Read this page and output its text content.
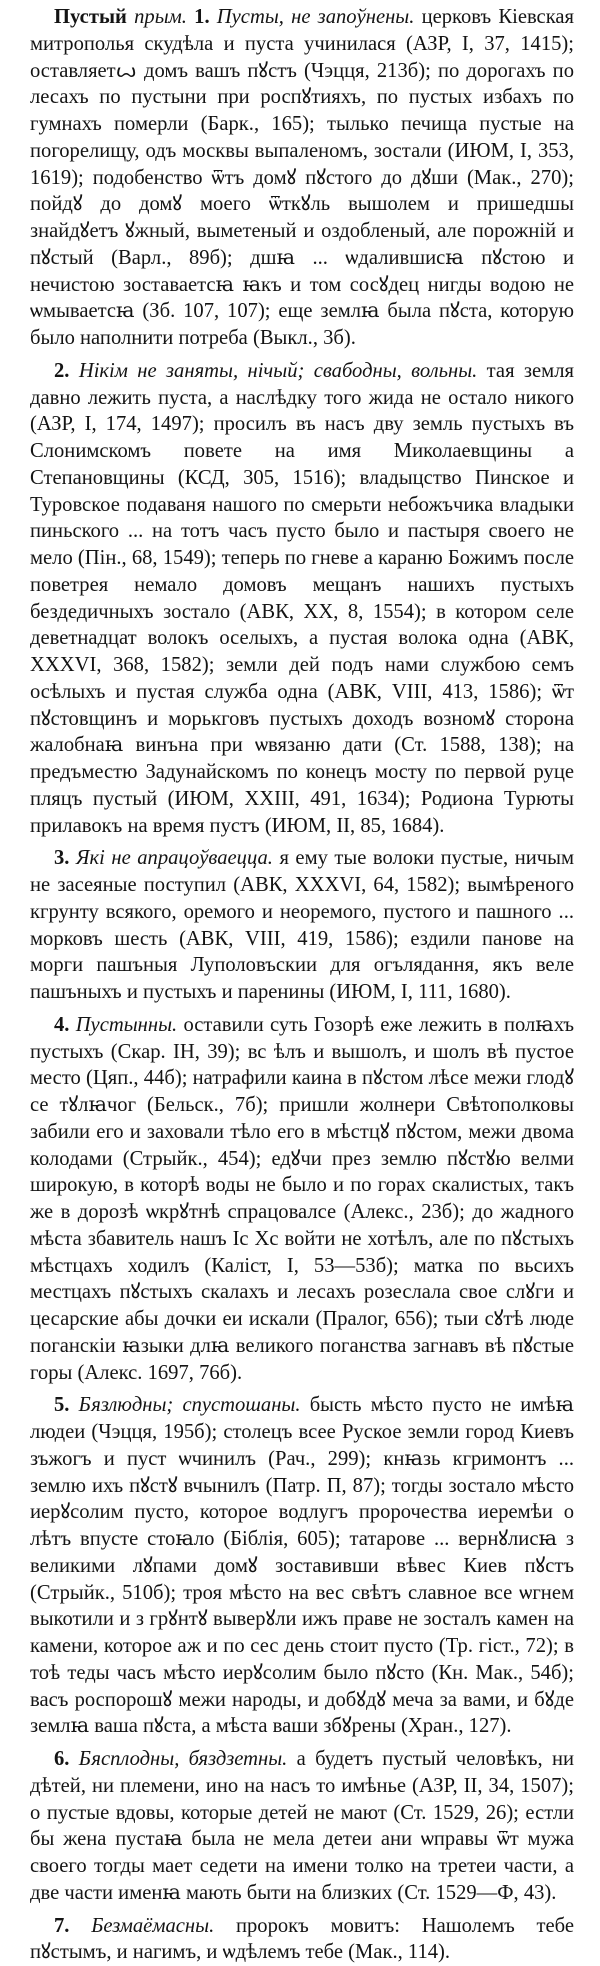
Пустый прым. 1. Пусты, не запоўнены. церковъ Кіевская митрополья скудѣла и пуста учинилася (АЗР, I, 37, 1415); оставляетꙍ домъ вашъ пꙋстъ (Чэцця, 213б); по дорогахъ по лесахъ по пустыни при роспꙋтияхъ, по пустых избахъ по гумнахъ померли (Барк., 165); тылько печища пустые на погорелищу, одъ москвы выпаленомъ, зостали (ИЮМ, I, 353, 1619); подобенство ѿтъ домꙋ пꙋстого до дꙋши (Мак., 270); пойдꙋ до домꙋ моего ѿткꙋль вышолем и пришедшы знайдꙋетъ ꙋжный, выметеный и оздобленый, але порожній и пꙋстый (Варл., 89б); дшꙗ ... ѡдалившисꙗ пꙋстою и нечистою зоставаетсꙗ ꙗкъ и том сосꙋдец нигды водою не ѡмываетсꙗ (Зб. 107, 107); еще землꙗ была пꙋста, которую было наполнити потреба (Выкл., 3б).

2. Нікім не заняты, нічый; свабодны, вольны. тая земля давно лежить пуста, а наслѣдку того жида не остало никого (АЗР, I, 174, 1497); просилъ въ насъ дву земль пустыхъ въ Слонимскомъ повете на имя Миколаевщины а Степановщины (КСД, 305, 1516); владыцство Пинское и Туровское подаваня нашого по смерьти небожъчика владыки пиньского ... на тотъ часъ пусто было и пастыря своего не мело (Пін., 68, 1549); теперь по гневе а караню Божимъ после поветрея немало домовъ мещанъ нашихъ пустыхъ бездедичныхъ зостало (АВК, XX, 8, 1554); в котором селе деветнадцат волокъ оселыхъ, а пустая волока одна (АВК, XXXVI, 368, 1582); земли дей подъ нами службою семъ осѣлыхъ и пустая служба одна (АВК, VIII, 413, 1586); ѿт пꙋстовщинъ и морькговъ пустыхъ доходъ возномꙋ сторона жалобнаꙗ винъна при ѡвязаню дати (Ст. 1588, 138); на предъместю Задунайскомъ по конецъ мосту по первой руце пляцъ пустый (ИЮМ, XXIII, 491, 1634); Родиона Турюты прилавокъ на время пустъ (ИЮМ, II, 85, 1684).

3. Які не апрацоўваецца. я ему тые волоки пустые, ничым не засеяные поступил (АВК, XXXVI, 64, 1582); вымѣреного кгрунту всякого, оремого и неоремого, пустого и пашного ... морковъ шесть (АВК, VIII, 419, 1586); ездили панове на морги пашъныя Луполовъскии для огълядання, якъ веле пашъныхъ и пустыхъ и паренины (ИЮМ, I, 111, 1680).

4. Пустынны. оставили суть Гозорѣ еже лежить в полꙗхъ пустыхъ (Скар. IН, 39); вс ѣлъ и вышолъ, и шолъ вѣ пустое место (Цяп., 44б); натрафили каина в пꙋстом лѣсе межи глодꙋ се тꙋлꙗчог (Бельск., 7б); пришли жолнери Свѣтополковы забили его и заховали тѣло его в мѣстцꙋ пꙋстом, межи двома колодами (Стрыйк., 454); едꙋчи през землю пꙋстꙋю велми широкую, в которѣ воды не было и по горах скалистых, такъ же в дорозѣ ѡкрꙋтнѣ спрацовалсе (Алекс., 23б); до жадного мѣста збавитель нашъ Іс Хс войти не хотѣлъ, але по пꙋстыхъ мѣстцахъ ходилъ (Каліст, I, 53—53б); матка по вьсихъ местцахъ пꙋстыхъ скалахъ и лесахъ розеслала свое слꙋги и цесарские абы дочки еи искали (Пралог, 656); тыи сꙋтѣ люде поганскіи ꙗзыки длꙗ великого поганства загнавъ вѣ пꙋстые горы (Алекс. 1697, 76б).

5. Бязлюдны; спустошаны. бысть мѣсто пусто не имѣꙗ людеи (Чэцця, 195б); столецъ всее Руское земли город Киевъ зъжогъ и пуст ѡчинилъ (Рач., 299); кнꙗзь кгримонтъ ... землю ихъ пꙋстꙋ вчынилъ (Патр. П, 87); тогды зостало мѣсто иерꙋсолим пусто, которое водлугъ пророчества иеремѣи о лѣтъ впусте стоꙗло (Біблія, 605); татарове ... вернꙋлисꙗ з великими лꙋпами домꙋ зоставивши вѣвес Киев пꙋстъ (Стрыйк., 510б); троя мѣсто на вес свѣтъ славное все ѡгнем выкотили и з грꙋнтꙋ выверꙋли ижъ праве не зосталъ камен на камени, которое аж и по сес день стоит пусто (Тр. гіст., 72); в тоѣ теды часъ мѣсто иерꙋсолим было пꙋсто (Кн. Мак., 54б); васъ роспорошꙋ межи народы, и добꙋдꙋ меча за вами, и бꙋде землꙗ ваша пꙋста, а мѣста ваши збꙋрены (Хран., 127).

6. Бясплодны, бяздзетны. а будетъ пустый человѣкъ, ни дѣтей, ни племени, ино на насъ то имѣнье (АЗР, II, 34, 1507); о пустые вдовы, которые детей не мают (Ст. 1529, 26); естли бы жена пустаꙗ была не мела детеи ани ѡправы ѿт мужа своего тогды мает седети на имени толко на третеи части, а две части именꙗ мають быти на близких (Ст. 1529—Ф, 43).

7. Безмаёмасны. пророкъ мовитъ: Нашолемъ тебе пꙋстымъ, и нагимъ, и ѡдѣлемъ тебе (Мак., 114).
